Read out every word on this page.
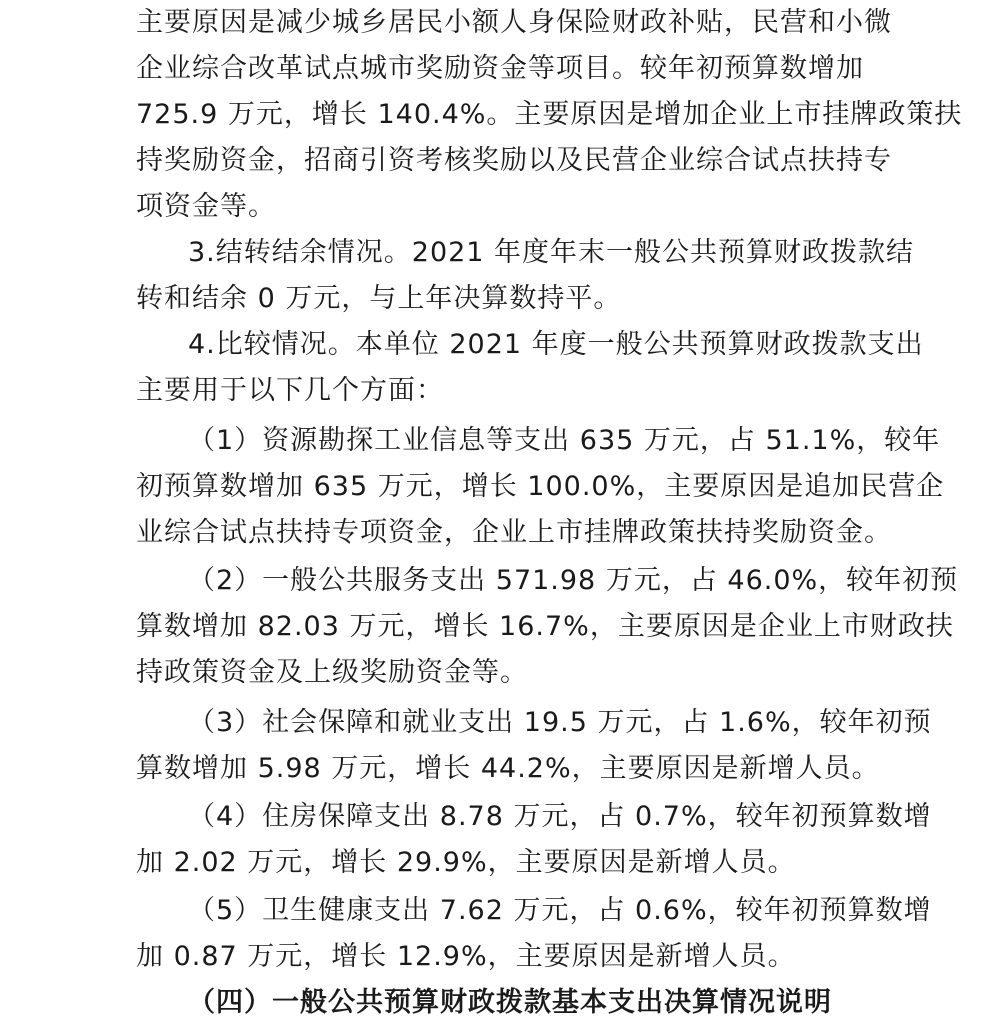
主要原因是减少城乡居民小额人身保险财政补贴，民营和小微
企业综合改革试点城市奖励资金等项目。较年初预算数增加
725.9 万元，增长 140.4%。主要原因是增加企业上市挂牌政策扶
持奖励资金，招商引资考核奖励以及民营企业综合试点扶持专
项资金等。
3.结转结余情况。2021 年度年末一般公共预算财政拨款结
转和结余 0 万元，与上年决算数持平。
4.比较情况。本单位 2021 年度一般公共预算财政拨款支出
主要用于以下几个方面：
（1）资源勘探工业信息等支出 635 万元，占 51.1%，较年
初预算数增加 635 万元，增长 100.0%，主要原因是追加民营企
业综合试点扶持专项资金，企业上市挂牌政策扶持奖励资金。
（2）一般公共服务支出 571.98 万元，占 46.0%，较年初预
算数增加 82.03 万元，增长 16.7%，主要原因是企业上市财政扶
持政策资金及上级奖励资金等。
（3）社会保障和就业支出 19.5 万元，占 1.6%，较年初预
算数增加 5.98 万元，增长 44.2%，主要原因是新增人员。
（4）住房保障支出 8.78 万元，占 0.7%，较年初预算数增
加 2.02 万元，增长 29.9%，主要原因是新增人员。
（5）卫生健康支出 7.62 万元，占 0.6%，较年初预算数增
加 0.87 万元，增长 12.9%，主要原因是新增人员。
（四）一般公共预算财政拨款基本支出决算情况说明
